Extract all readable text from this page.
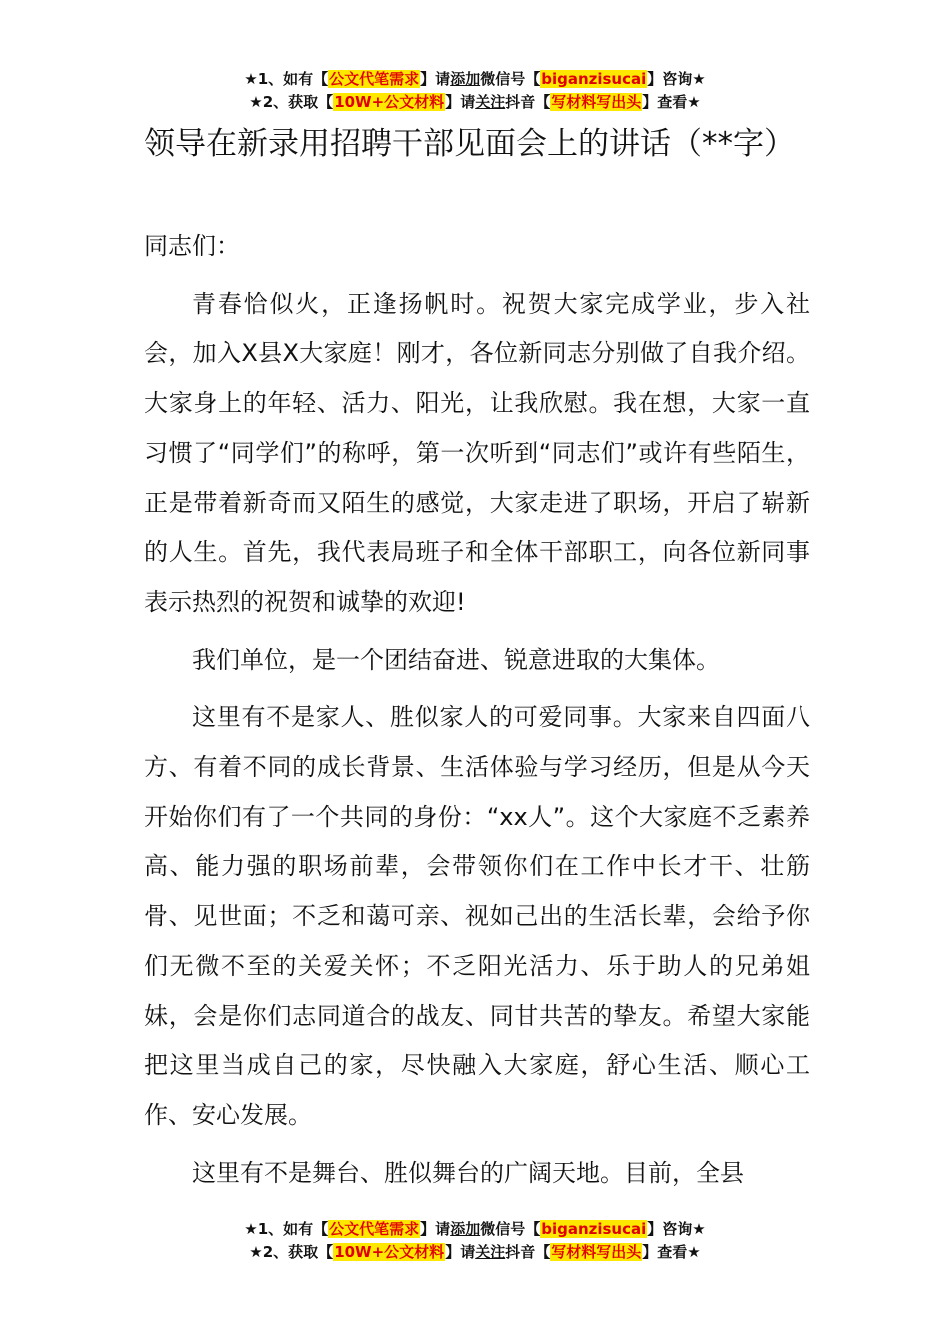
★1、如有【公文代笔需求】请添加微信号【biganzisucai】咨询★
★2、获取【10W+公文材料】请关注抖音【写材料写出头】查看★
领导在新录用招聘干部见面会上的讲话（**字）

同志们：

青春恰似火，正逢扬帆时。祝贺大家完成学业，步入社会，加入X县X大家庭！刚才，各位新同志分别做了自我介绍。大家身上的年轻、活力、阳光，让我欣慰。我在想，大家一直习惯了“同学们”的称呼，第一次听到“同志们”或许有些陌生，正是带着新奇而又陌生的感觉，大家走进了职场，开启了崭新的人生。首先，我代表局班子和全体干部职工，向各位新同事表示热烈的祝贺和诚挚的欢迎!

我们单位，是一个团结奋进、锐意进取的大集体。

这里有不是家人、胜似家人的可爱同事。大家来自四面八方、有着不同的成长背景、生活体验与学习经历，但是从今天开始你们有了一个共同的身份：“xx人”。这个大家庭不乏素养高、能力强的职场前辈，会带领你们在工作中长才干、壮筋骨、见世面；不乏和蔼可亲、视如己出的生活长辈，会给予你们无微不至的关爱关怀；不乏阳光活力、乐于助人的兄弟姐妹，会是你们志同道合的战友、同甘共苦的挚友。希望大家能把这里当成自己的家，尽快融入大家庭，舒心生活、顺心工作、安心发展。

这里有不是舞台、胜似舞台的广阔天地。目前，全县

★1、如有【公文代笔需求】请添加微信号【biganzisucai】咨询★
★2、获取【10W+公文材料】请关注抖音【写材料写出头】查看★
